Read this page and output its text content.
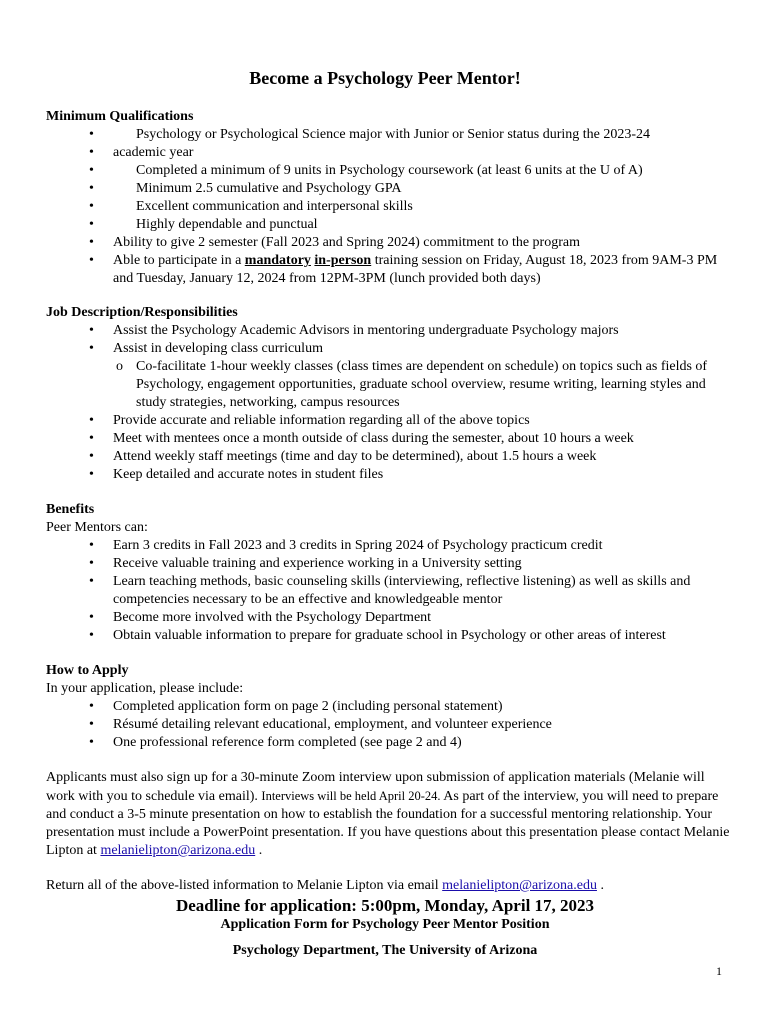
Become a Psychology Peer Mentor!

Minimum Qualifications

• Psychology or Psychological Science major with Junior or Senior status during the 2023-24
• academic year
• Completed a minimum of 9 units in Psychology coursework (at least 6 units at the U of A)
• Minimum 2.5 cumulative and Psychology GPA
• Excellent communication and interpersonal skills
• Highly dependable and punctual
• Ability to give 2 semester (Fall 2023 and Spring 2024) commitment to the program
• Able to participate in a mandatory in-person training session on Friday, August 18, 2023 from 9AM-3 PM and Tuesday, January 12, 2024 from 12PM-3PM (lunch provided both days)

Job Description/Responsibilities

• Assist the Psychology Academic Advisors in mentoring undergraduate Psychology majors
• Assist in developing class curriculum
o Co-facilitate 1-hour weekly classes (class times are dependent on schedule) on topics such as fields of Psychology, engagement opportunities, graduate school overview, resume writing, learning styles and study strategies, networking, campus resources
• Provide accurate and reliable information regarding all of the above topics
• Meet with mentees once a month outside of class during the semester, about 10 hours a week
• Attend weekly staff meetings (time and day to be determined), about 1.5 hours a week
• Keep detailed and accurate notes in student files

Benefits

Peer Mentors can:

• Earn 3 credits in Fall 2023 and 3 credits in Spring 2024 of Psychology practicum credit
• Receive valuable training and experience working in a University setting
• Learn teaching methods, basic counseling skills (interviewing, reflective listening) as well as skills and competencies necessary to be an effective and knowledgeable mentor
• Become more involved with the Psychology Department
• Obtain valuable information to prepare for graduate school in Psychology or other areas of interest

How to Apply

In your application, please include:

• Completed application form on page 2 (including personal statement)
• Résumé detailing relevant educational, employment, and volunteer experience
• One professional reference form completed (see page 2 and 4)

Applicants must also sign up for a 30-minute Zoom interview upon submission of application materials (Melanie will work with you to schedule via email). Interviews will be held April 20-24. As part of the interview, you will need to prepare and conduct a 3-5 minute presentation on how to establish the foundation for a successful mentoring relationship. Your presentation must include a PowerPoint presentation. If you have questions about this presentation please contact Melanie Lipton at melanielipton@arizona.edu .

Return all of the above-listed information to Melanie Lipton via email melanielipton@arizona.edu .

Deadline for application: 5:00pm, Monday, April 17, 2023
Application Form for Psychology Peer Mentor Position
Psychology Department, The University of Arizona
1
